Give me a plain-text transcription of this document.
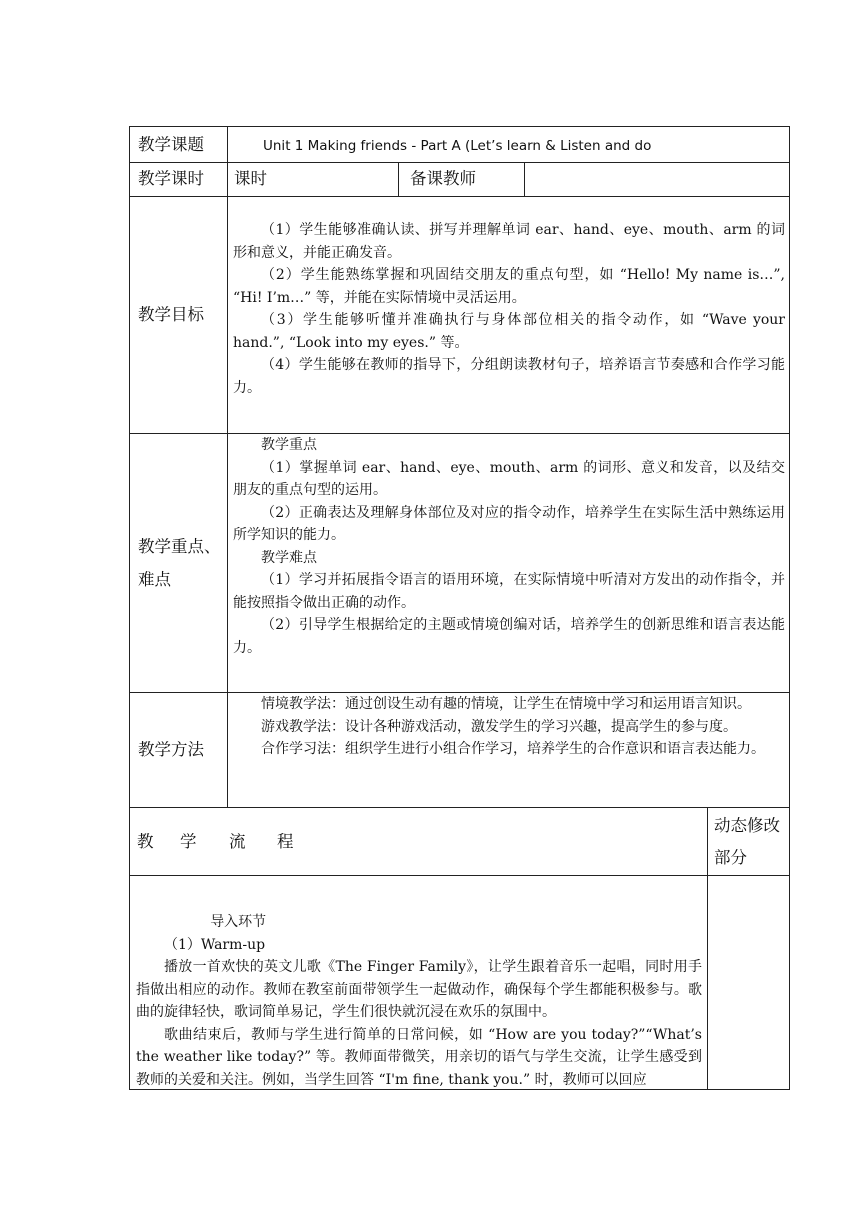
教学课题	Unit 1 Making friends - Part A (Let’s learn & Listen and do
教学课时 课时	备课教师
教学目标

（1）学生能够准确认读、拼写并理解单词 ear、hand、eye、mouth、arm 的词形和意义，并能正确发音。

（2）学生能熟练掌握和巩固结交朋友的重点句型，如 “Hello! My name is…”, “Hi! I’m…” 等，并能在实际情境中灵活运用。

（3）学生能够听懂并准确执行与身体部位相关的指令动作，如 “Wave your hand.”, “Look into my eyes.” 等。

（4）学生能够在教师的指导下，分组朗读教材句子，培养语言节奏感和合作学习能力。

教学重点、
难点

教学重点

（1）掌握单词 ear、hand、eye、mouth、arm 的词形、意义和发音，以及结交朋友的重点句型的运用。

（2）正确表达及理解身体部位及对应的指令动作，培养学生在实际生活中熟练运用所学知识的能力。

教学难点

（1）学习并拓展指令语言的语用环境，在实际情境中听清对方发出的动作指令，并能按照指令做出正确的动作。

（2）引导学生根据给定的主题或情境创编对话，培养学生的创新思维和语言表达能力。

教学方法

情境教学法：通过创设生动有趣的情境，让学生在情境中学习和运用语言知识。

游戏教学法：设计各种游戏活动，激发学生的学习兴趣，提高学生的参与度。

合作学习法：组织学生进行小组合作学习，培养学生的合作意识和语言表达能力。

教 学 流 程
动态修改
部分

导入环节

（1）Warm-up

播放一首欢快的英文儿歌《The Finger Family》，让学生跟着音乐一起唱，同时用手指做出相应的动作。教师在教室前面带领学生一起做动作，确保每个学生都能积极参与。歌曲的旋律轻快，歌词简单易记，学生们很快就沉浸在欢乐的氛围中。

歌曲结束后，教师与学生进行简单的日常问候，如 “How are you today?”“What’s the weather like today?” 等。教师面带微笑，用亲切的语气与学生交流，让学生感受到教师的关爱和关注。例如，当学生回答 “I'm fine, thank you.” 时，教师可以回应
